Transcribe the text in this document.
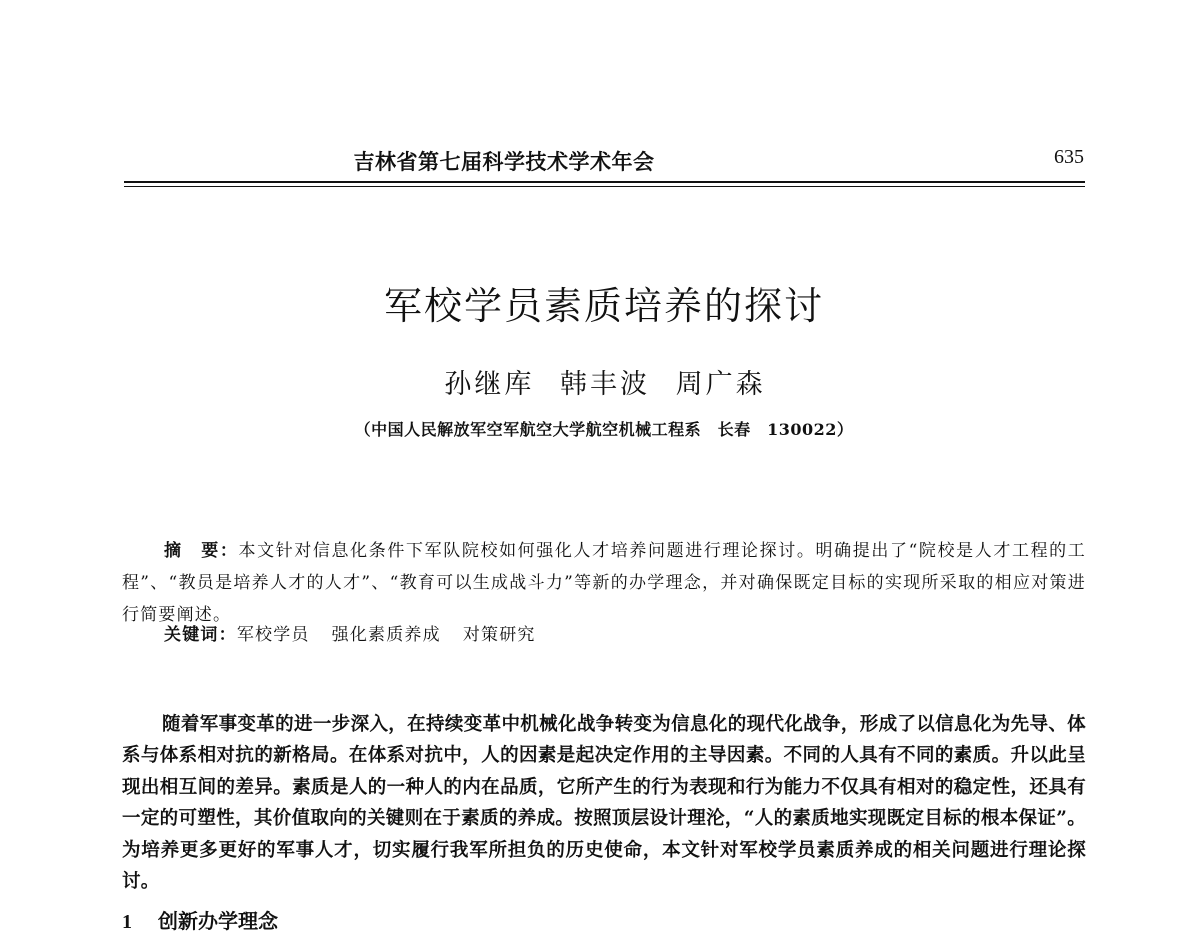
吉林省第七届科学技术学术年会	635
军校学员素质培养的探讨
孙继库 韩丰波 周广森
（中国人民解放军空军航空大学航空机械工程系　长春　130022）

摘　要：本文针对信息化条件下军队院校如何强化人才培养问题进行理论探讨。明确提出了“院校是人才工程的工程”、“教员是培养人才的人才”、“教育可以生成战斗力”等新的办学理念，并对确保既定目标的实现所采取的相应对策进行简要阐述。

关键词：军校学员 强化素质养成 对策研究

随着军事变革的进一步深入，在持续变革中机械化战争转变为信息化的现代化战争，形成了以信息化为先导、体系与体系相对抗的新格局。在体系对抗中，人的因素是起决定作用的主导因素。不同的人具有不同的素质。升以此呈现出相互间的差异。素质是人的一种人的内在品质，它所产生的行为表现和行为能力不仅具有相对的稳定性，还具有一定的可塑性，其价值取向的关键则在于素质的养成。按照顶层设计理沦，“人的素质地实现既定目标的根本保证”。为培养更多更好的军事人才，切实履行我军所担负的历史使命，本文针对军校学员素质养成的相关问题进行理论探讨。

1 创新办学理念
